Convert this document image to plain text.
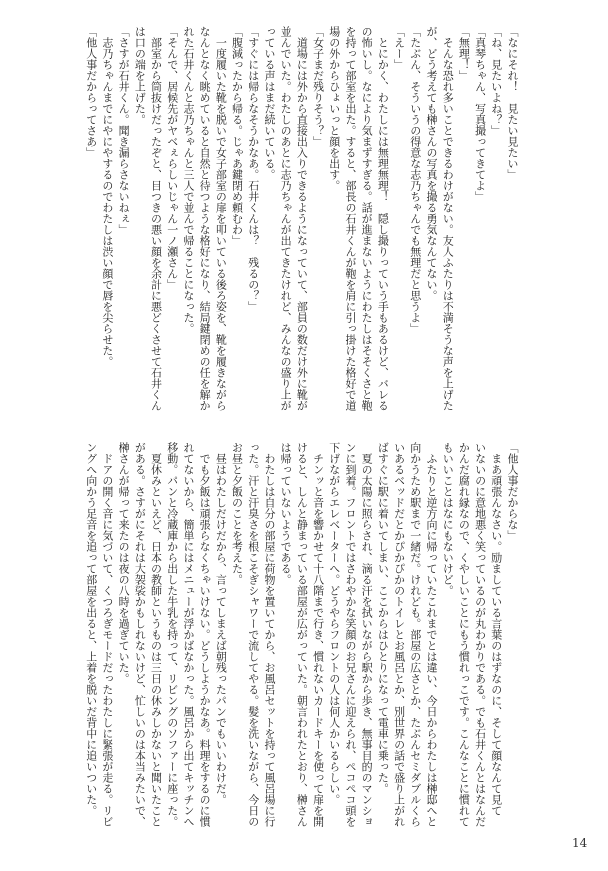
「なにそれ！　見たい見たい」
「ね、見たいよね？」
「真琴ちゃん、写真撮ってきてよ」
「無理！」
　そんな恐れ多いことできるわけがない。友人ふたりは不満そうな声を上げた
が、どう考えても榊さんの写真を撮る勇気なんてない。
「たぶん、そういうの得意な志乃ちゃんでも無理だと思うよ」
「えー」
　とにかく、わたしには無理無理！　隠し撮りっていう手もあるけど、バレる
の怖いし。なにより気まずすぎる。話が進まないようにわたしはそそくさと鞄
を持って部室を出た。すると、部長の石井くんが鞄を肩に引っ掛けた格好で道
場の外からひょいっと顔を出す。
「女子まだ残りそう？」
　道場には外から直接出入りできるようになっていて、部員の数だけ外に靴が
並んでいた。わたしのあとに志乃ちゃんが出てきたけれど、みんなの盛り上が
っている声はまだ続いている。
「すぐには帰らなそうかなあ。石井くんは？　残るの？」
「腹減ったから帰る。じゃあ鍵閉め頼むわ」
　一度履いた靴を脱いで女子部室の扉を叩いている後ろ姿を、靴を履きながら
なんとなく眺めていると自然と待つような格好になり、結局鍵閉めの任を解か
れた石井くんと志乃ちゃんと三人で並んで帰ることになった。
「そんで、居候先がヤベぇらしいじゃん一ノ瀬さん」
　部室から筒抜けだったぞと、目つきの悪い顔を余計に悪どくさせて石井くん
は口の端を上げた。
「さすが石井くん。聞き漏らさないねぇ」
　志乃ちゃんまでにやにやするのでわたしは渋い顔で唇を尖らせた。
「他人事だからってさあ」
「他人事だからな」
　まあ頑張んなさい。励ましている言葉のはずなのに、そして顔なんて見て
いないのに意地悪く笑っているのが丸わかりである。でも石井くんとはなんだ
かんだ腐れ縁なので、くやしいことにもう慣れっこです。こんなことに慣れて
もいいことはなにもないけど。
　ふたりと逆方向に帰っていたこれまでとは違い、今日からわたしは榊邸へと
向かうため駅まで一緒だ。けれども。部屋の広さとか、たぶんセミダブルくら
いあるベッドだとかぴかぴかのトイレとお風呂とか、別世界の話で盛り上がれ
ばすぐに駅に着いてしまい、ここからはひとりになって電車に乗った。
　夏の太陽に照らされ、滴る汗を拭いながら駅から歩き、無事目的のマンショ
ンに到着。フロントではさわやかな笑顔のお兄さんに迎えられ、ペコペコ頭を
下げながらエレベーターへ。どうやらフロントの人は何人かいるらしい。
　チンッと音を響かせて十八階まで行き、慣れないカードキーを使って扉を開
けると、しんと静まっている部屋が広がっていた。朝言われたとおり、榊さん
は帰っていないようである。
　わたしは自分の部屋に荷物を置いてから、お風呂セットを持って風呂場に行
った。汗と汗臭さを根こそぎシャワーで流してやる。髪を洗いながら、今日の
お昼と夕飯のことを考えた。
　昼はわたしだけだから、言ってしまえば朝残ったパンでもいいわけだ。
　でも夕飯は頑張らなくちゃいけない。どうしようかなあ。料理をするのに慣
れてないから、簡単にはメニューが浮かばなかった。風呂から出てキッチンへ
移動。パンと冷蔵庫から出した牛乳を持って、リビングのソファーに座った。
　夏休みといえど、日本の教師というものは三日の休みしかないと聞いたこと
がある。さすがにそれは大袈裟かもしれないけど、忙しいのは本当みたいで、
榊さんが帰って来たのは夜の八時を過ぎていた。
　ドアの開く音に気づいて、くつろぎモードだったわたしに緊張が走る。リビ
ングへ向かう足音を追って部屋を出ると、上着を脱いだ背中に追いついた。
14
